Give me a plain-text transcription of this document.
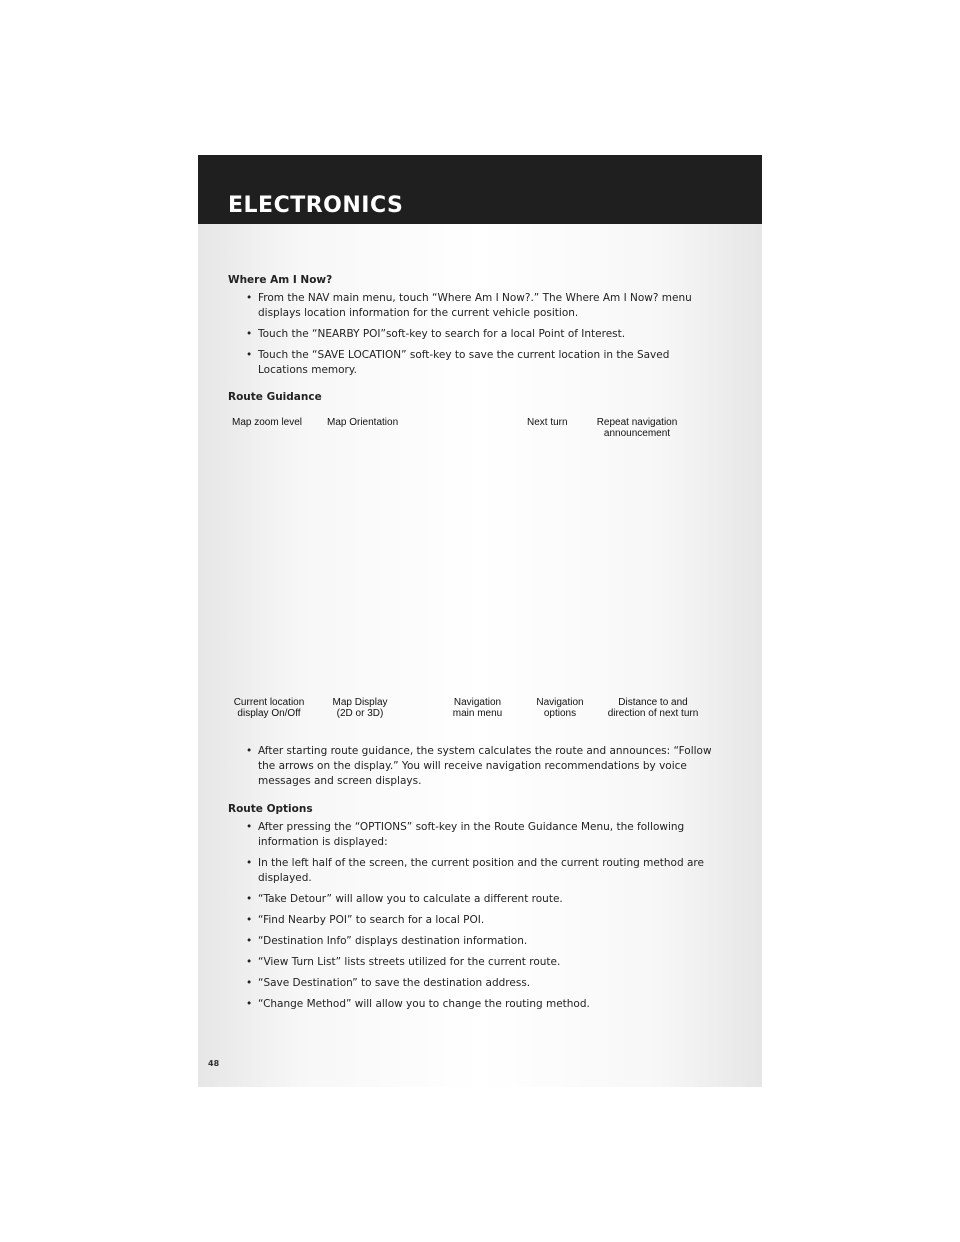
ELECTRONICS
Where Am I Now?
• From the NAV main menu, touch “Where Am I Now?.” The Where Am I Now? menu displays location information for the current vehicle position.
• Touch the “NEARBY POI”soft-key to search for a local Point of Interest.
• Touch the “SAVE LOCATION” soft-key to save the current location in the Saved Locations memory.
Route Guidance
Map zoom level Map Orientation	Next turn	Repeat navigation
announcement
Current location
display On/Off
Map Display
(2D or 3D)
Navigation
main menu
Navigation
options
Distance to and
direction of next turn
• After starting route guidance, the system calculates the route and announces: “Follow the arrows on the display.” You will receive navigation recommendations by voice messages and screen displays.
Route Options
• After pressing the “OPTIONS” soft-key in the Route Guidance Menu, the following information is displayed:
• In the left half of the screen, the current position and the current routing method are displayed.
• “Take Detour” will allow you to calculate a different route.
• “Find Nearby POI” to search for a local POI.
• “Destination Info” displays destination information.
• “View Turn List” lists streets utilized for the current route.
• “Save Destination” to save the destination address.
• “Change Method” will allow you to change the routing method.
48
